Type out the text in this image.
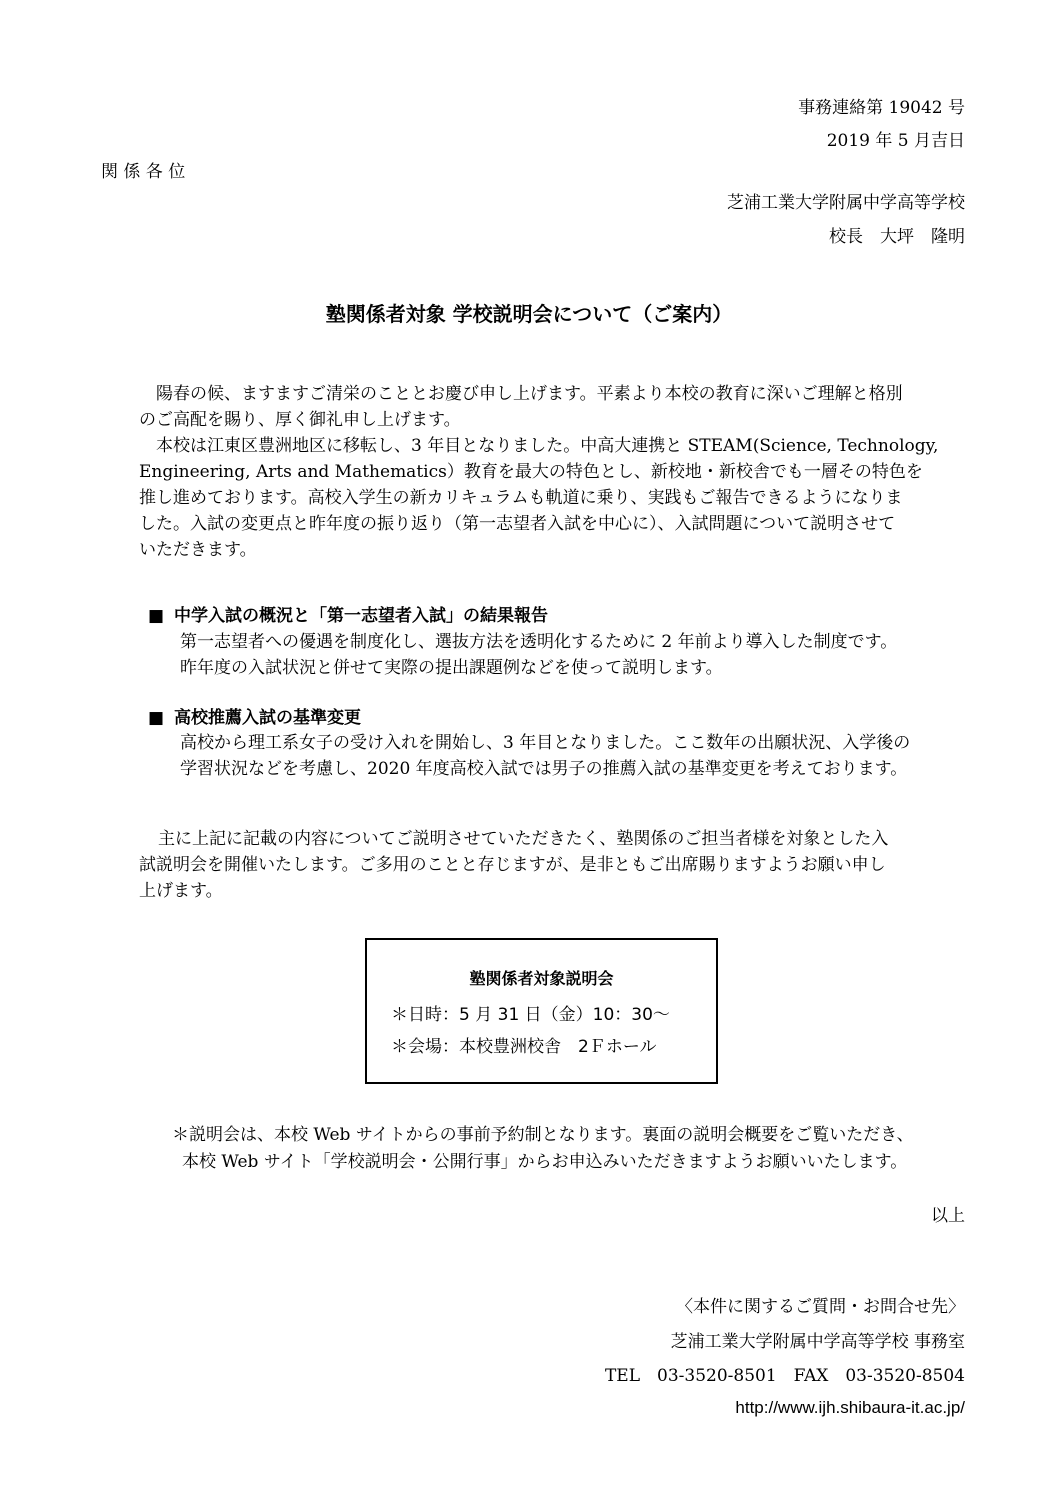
事務連絡第 19042 号
2019 年 5 月吉日
関 係 各 位
芝浦工業大学附属中学高等学校
校長　大坪　隆明
塾関係者対象 学校説明会について（ご案内）
陽春の候、ますますご清栄のこととお慶び申し上げます。平素より本校の教育に深いご理解と格別
のご高配を賜り、厚く御礼申し上げます。
本校は江東区豊洲地区に移転し、3 年目となりました。中高大連携と STEAM(Science, Technology,
Engineering, Arts and Mathematics）教育を最大の特色とし、新校地・新校舎でも一層その特色を
推し進めております。高校入学生の新カリキュラムも軌道に乗り、実践もご報告できるようになりま
した。入試の変更点と昨年度の振り返り（第一志望者入試を中心に）、入試問題について説明させて
いただきます。
■ 中学入試の概況と「第一志望者入試」の結果報告
第一志望者への優遇を制度化し、選抜方法を透明化するために 2 年前より導入した制度です。
昨年度の入試状況と併せて実際の提出課題例などを使って説明します。
■ 高校推薦入試の基準変更
高校から理工系女子の受け入れを開始し、3 年目となりました。ここ数年の出願状況、入学後の
学習状況などを考慮し、2020 年度高校入試では男子の推薦入試の基準変更を考えております。
主に上記に記載の内容についてご説明させていただきたく、塾関係のご担当者様を対象とした入
試説明会を開催いたします。ご多用のことと存じますが、是非ともご出席賜りますようお願い申し
上げます。
塾関係者対象説明会
＊日時：5 月 31 日（金）10：30～
＊会場：本校豊洲校舎　2Ｆホール
＊説明会は、本校 Web サイトからの事前予約制となります。裏面の説明会概要をご覧いただき、
本校 Web サイト「学校説明会・公開行事」からお申込みいただきますようお願いいたします。
以上
〈本件に関するご質問・お問合せ先〉
芝浦工業大学附属中学高等学校 事務室
TEL　03-3520-8501　FAX　03-3520-8504
http://www.ijh.shibaura-it.ac.jp/
